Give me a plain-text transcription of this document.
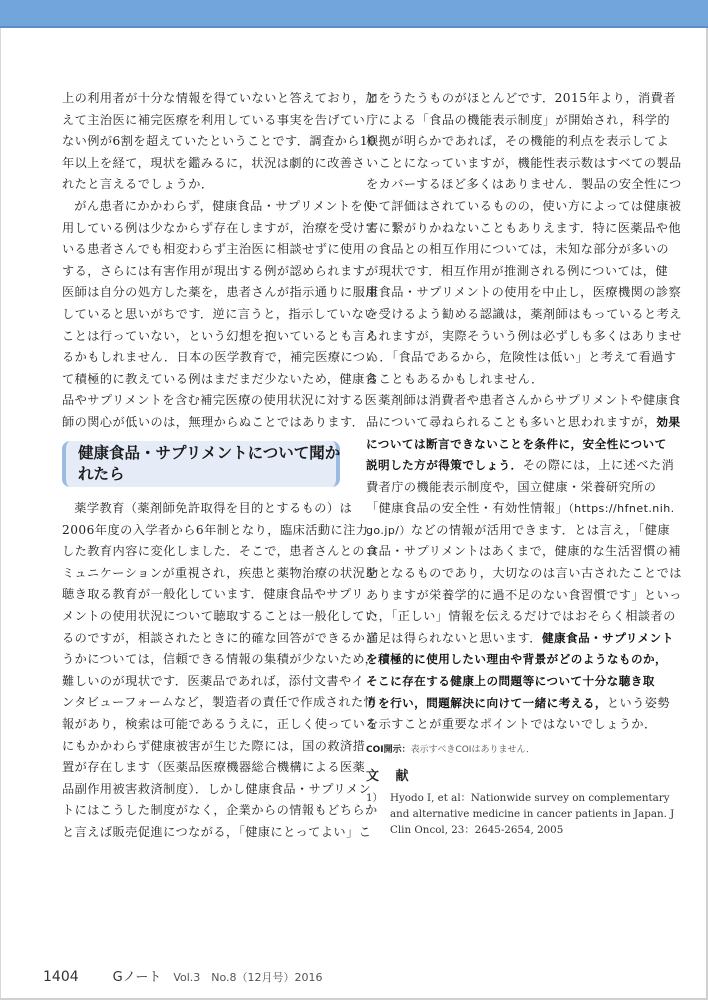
上の利用者が十分な情報を得ていないと答えており，加
えて主治医に補完医療を利用している事実を告げてい
ない例が6割を超えていたということです．調査から10
年以上を経て，現状を鑑みるに，状況は劇的に改善さ
れたと言えるでしょうか．

がん患者にかかわらず，健康食品・サプリメントを使
用している例は少なからず存在しますが，治療を受けて
いる患者さんでも相変わらず主治医に相談せずに使用
する，さらには有害作用が現出する例が認められます．
医師は自分の処方した薬を，患者さんが指示通りに服用
していると思いがちです．逆に言うと，指示していない
ことは行っていない，という幻想を抱いているとも言え
るかもしれません．日本の医学教育で，補完医療につい
て積極的に教えている例はまだまだ少ないため，健康食
品やサプリメントを含む補完医療の使用状況に対する医
師の関心が低いのは，無理からぬことではあります．

健康食品・サプリメントについて聞か
れたら

薬学教育（薬剤師免許取得を目的とするもの）は
2006年度の入学者から6年制となり，臨床活動に注力
した教育内容に変化しました．そこで，患者さんとのコ
ミュニケーションが重視され，疾患と薬物治療の状況を
聴き取る教育が一般化しています．健康食品やサプリ
メントの使用状況について聴取することは一般化してい
るのですが，相談されたときに的確な回答ができるかど
うかについては，信頼できる情報の集積が少ないため，
難しいのが現状です．医薬品であれば，添付文書やイ
ンタビューフォームなど，製造者の責任で作成された情
報があり，検索は可能であるうえに，正しく使っている
にもかかわらず健康被害が生じた際には，国の救済措
置が存在します（医薬品医療機器総合機構による医薬
品副作用被害救済制度）．しかし健康食品・サプリメン
トにはこうした制度がなく，企業からの情報もどちらか
と言えば販売促進につながる，「健康にとってよい」こ

とをうたうものがほとんどです．2015年より，消費者
庁による「食品の機能表示制度」が開始され，科学的
根拠が明らかであれば，その機能的利点を表示してよ
いことになっていますが，機能性表示数はすべての製品
をカバーするほど多くはありません．製品の安全性につ
いて評価はされているものの，使い方によっては健康被
害に繋がりかねないこともありえます．特に医薬品や他
の食品との相互作用については，未知な部分が多いの
が現状です．相互作用が推測される例については，健
康食品・サプリメントの使用を中止し，医療機関の診察
を受けるよう勧める認識は，薬剤師はもっていると考え
られますが，実際そういう例は必ずしも多くはありませ
ん．「食品であるから，危険性は低い」と考えて看過す
ることもあるかもしれません．

薬剤師は消費者や患者さんからサプリメントや健康食
品について尋ねられることも多いと思われますが，効果
については断言できないことを条件に，安全性について
説明した方が得策でしょう．その際には，上に述べた消
費者庁の機能表示制度や，国立健康・栄養研究所の
「健康食品の安全性・有効性情報」（https://hfnet.nih.
go.jp/）などの情報が活用できます．とは言え，「健康
食品・サプリメントはあくまで，健康的な生活習慣の補
助となるものであり，大切なのは言い古されたことでは
ありますが栄養学的に過不足のない食習慣です」といっ
た，「正しい」情報を伝えるだけではおそらく相談者の
満足は得られないと思います．健康食品・サプリメント
を積極的に使用したい理由や背景がどのようなものか，
そこに存在する健康上の問題等について十分な聴き取
りを行い，問題解決に向けて一緒に考える，という姿勢
を示すことが重要なポイントではないでしょうか．

COI開示：表示すべきCOIはありません．
文 献
1） Hyodo I, et al：Nationwide survey on complementary
and alternative medicine in cancer patients in Japan. J
Clin Oncol, 23：2645-2654, 2005
1404	Gノート Vol.3　No.8（12月号）2016
